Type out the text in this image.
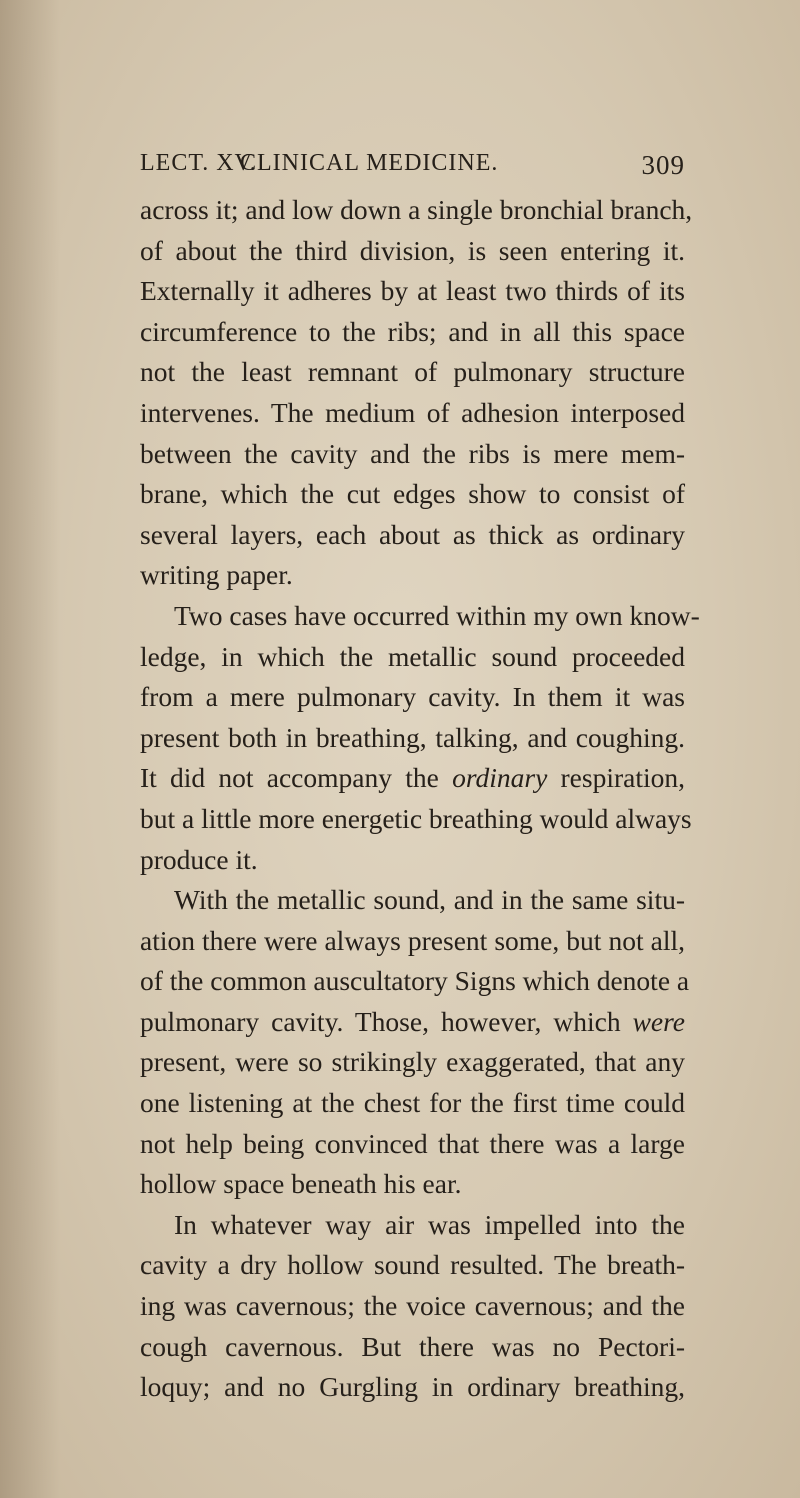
LECT. XV.
CLINICAL MEDICINE.	309
across it; and low down a single bronchial branch,
of about the third division, is seen entering it.
Externally it adheres by at least two thirds of its
circumference to the ribs; and in all this space
not the least remnant of pulmonary structure
intervenes. The medium of adhesion interposed
between the cavity and the ribs is mere mem-
brane, which the cut edges show to consist of
several layers, each about as thick as ordinary
writing paper.
Two cases have occurred within my own know-
ledge, in which the metallic sound proceeded
from a mere pulmonary cavity. In them it was
present both in breathing, talking, and coughing.
It did not accompany the ordinary respiration,
but a little more energetic breathing would always
produce it.
With the metallic sound, and in the same situ-
ation there were always present some, but not all,
of the common auscultatory Signs which denote a
pulmonary cavity. Those, however, which were
present, were so strikingly exaggerated, that any
one listening at the chest for the first time could
not help being convinced that there was a large
hollow space beneath his ear.
In whatever way air was impelled into the
cavity a dry hollow sound resulted. The breath-
ing was cavernous; the voice cavernous; and the
cough cavernous. But there was no Pectori-
loquy; and no Gurgling in ordinary breathing,
